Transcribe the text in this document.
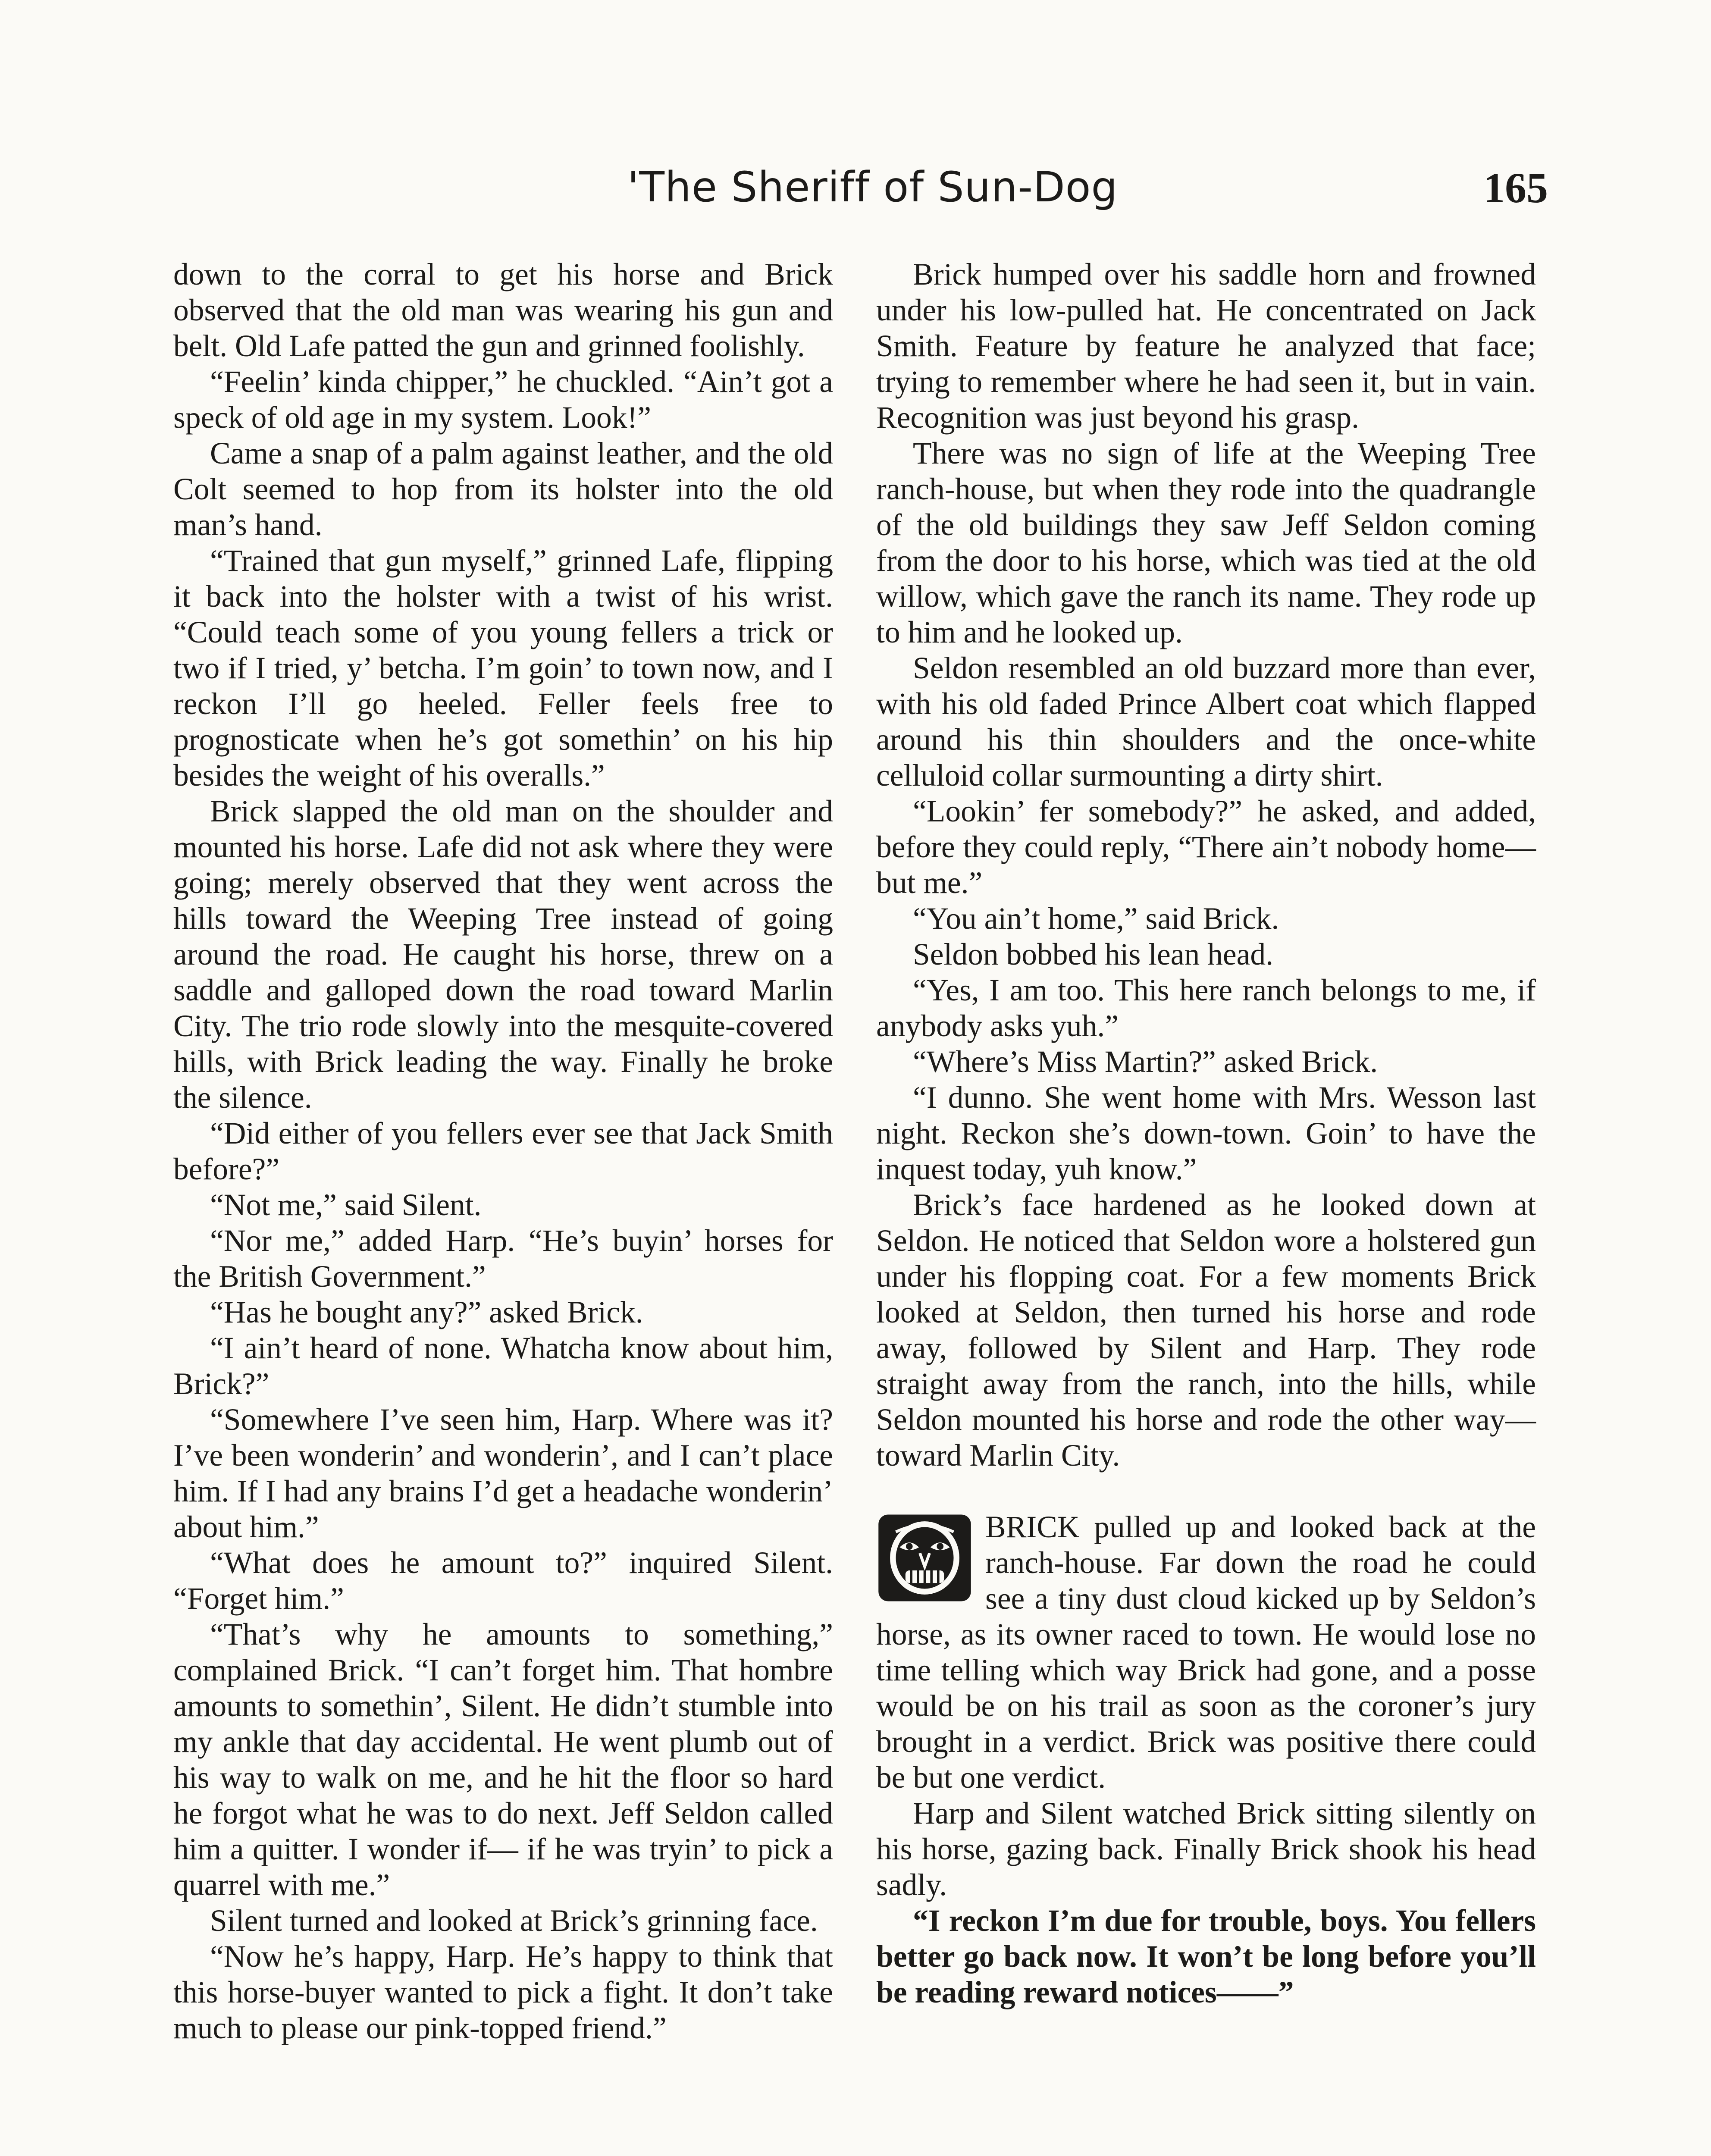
'The Sheriff of Sun-Dog	165

down to the corral to get his horse and Brick observed that the old man was wearing his gun and belt. Old Lafe patted the gun and grinned foolishly.

“Feelin’ kinda chipper,” he chuckled. “Ain’t got a speck of old age in my system. Look!”

Came a snap of a palm against leather, and the old Colt seemed to hop from its holster into the old man’s hand.

“Trained that gun myself,” grinned Lafe, flipping it back into the holster with a twist of his wrist. “Could teach some of you young fellers a trick or two if I tried, y’ betcha. I’m goin’ to town now, and I reckon I’ll go heeled. Feller feels free to prognosticate when he’s got somethin’ on his hip besides the weight of his overalls.”

Brick slapped the old man on the shoulder and mounted his horse. Lafe did not ask where they were going; merely observed that they went across the hills toward the Weeping Tree instead of going around the road. He caught his horse, threw on a saddle and galloped down the road toward Marlin City. The trio rode slowly into the mesquite-covered hills, with Brick leading the way. Finally he broke the silence.

“Did either of you fellers ever see that Jack Smith before?”

“Not me,” said Silent.

“Nor me,” added Harp. “He’s buyin’ horses for the British Government.”

“Has he bought any?” asked Brick.

“I ain’t heard of none. Whatcha know about him, Brick?”

“Somewhere I’ve seen him, Harp. Where was it? I’ve been wonderin’ and wonderin’, and I can’t place him. If I had any brains I’d get a headache wonderin’ about him.”

“What does he amount to?” inquired Silent. “Forget him.”

“That’s why he amounts to something,” complained Brick. “I can’t forget him. That hombre amounts to somethin’, Silent. He didn’t stumble into my ankle that day accidental. He went plumb out of his way to walk on me, and he hit the floor so hard he forgot what he was to do next. Jeff Seldon called him a quitter. I wonder if— if he was tryin’ to pick a quarrel with me.”

Silent turned and looked at Brick’s grinning face.

“Now he’s happy, Harp. He’s happy to think that this horse-buyer wanted to pick a fight. It don’t take much to please our pink-topped friend.”

Brick humped over his saddle horn and frowned under his low-pulled hat. He concentrated on Jack Smith. Feature by feature he analyzed that face; trying to remember where he had seen it, but in vain. Recognition was just beyond his grasp.

There was no sign of life at the Weeping Tree ranch-house, but when they rode into the quadrangle of the old buildings they saw Jeff Seldon coming from the door to his horse, which was tied at the old willow, which gave the ranch its name. They rode up to him and he looked up.

Seldon resembled an old buzzard more than ever, with his old faded Prince Albert coat which flapped around his thin shoulders and the once-white celluloid collar surmounting a dirty shirt.

“Lookin’ fer somebody?” he asked, and added, before they could reply, “There ain’t nobody home—but me.”

“You ain’t home,” said Brick.

Seldon bobbed his lean head.

“Yes, I am too. This here ranch belongs to me, if anybody asks yuh.”

“Where’s Miss Martin?” asked Brick.

“I dunno. She went home with Mrs. Wesson last night. Reckon she’s down-town. Goin’ to have the inquest today, yuh know.”

Brick’s face hardened as he looked down at Seldon. He noticed that Seldon wore a holstered gun under his flopping coat. For a few moments Brick looked at Seldon, then turned his horse and rode away, followed by Silent and Harp. They rode straight away from the ranch, into the hills, while Seldon mounted his horse and rode the other way— toward Marlin City.

BRICK pulled up and looked back at the ranch-house. Far down the road he could see a tiny dust cloud kicked up by Seldon’s horse, as its owner raced to town. He would lose no time telling which way Brick had gone, and a posse would be on his trail as soon as the coroner’s jury brought in a verdict. Brick was positive there could be but one verdict.

Harp and Silent watched Brick sitting silently on his horse, gazing back. Finally Brick shook his head sadly.

“I reckon I’m due for trouble, boys. You fellers better go back now. It won’t be long before you’ll be reading reward notices——”
